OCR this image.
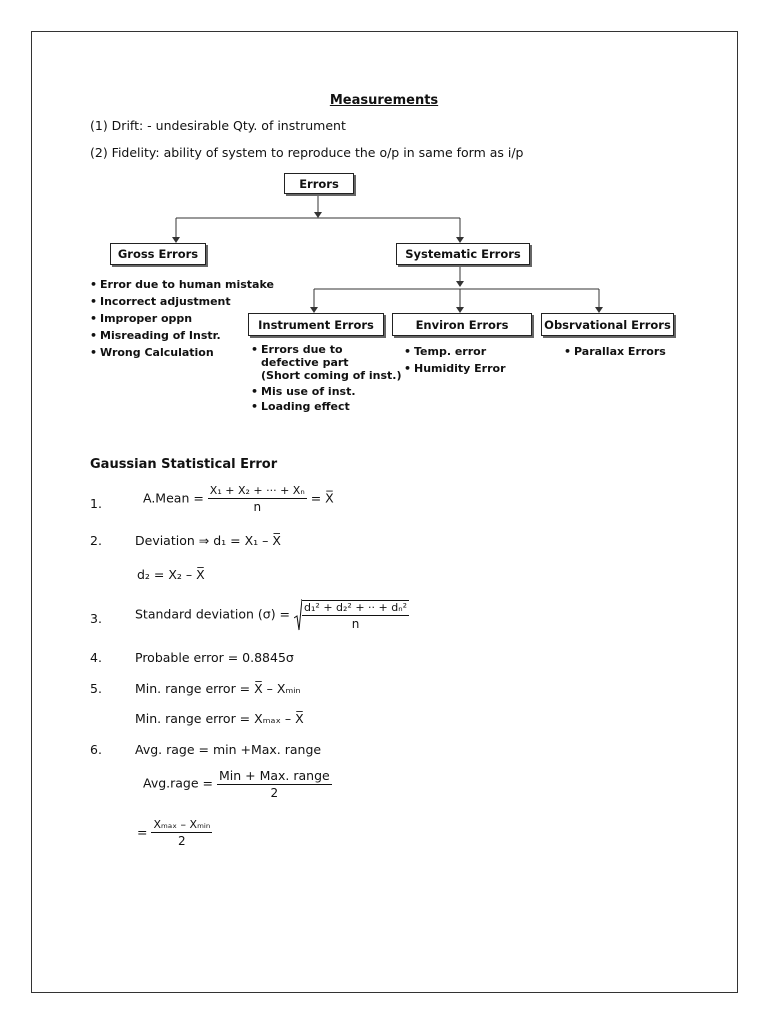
Measurements
(1) Drift: - undesirable Qty. of instrument
(2) Fidelity: ability of system to reproduce the o/p in same form as i/p
Errors
Gross Errors	Systematic Errors
Instrument Errors	Environ Errors	Obsrvational Errors
• Error due to human mistake
• Incorrect adjustment
• Improper oppn
• Misreading of Instr.
• Wrong Calculation	• Errors due to
defective part
(Short coming of inst.)
• Mis use of inst.
• Loading effect
• Temp. error
• Humidity Error
• Parallax Errors
Gaussian Statistical Error
1.	A.Mean = $\frac{\text{X₁ + X₂ + ··· + Xₙ}}{n}$ = X̅
2.	Deviation ⇒ d₁ = X₁ – X̅
d₂ = X₂ – X̅
3.	Standard deviation $(\sigma) = \frac{\text{d₁² + d₂² + ·· + dₙ²}}{n}$
4.	Probable error = 0.8845σ
5.	Min. range error = X̅ – Xₘᵢₙ
Min. range error = Xₘₐₓ – X̅
6.	Avg. rage = min +Max. range
Avg.rage = $\frac{\text{Min + Max. range}}{2}$
= $\frac{\text{Xₘₐₓ – Xₘᵢₙ}}{2}$
